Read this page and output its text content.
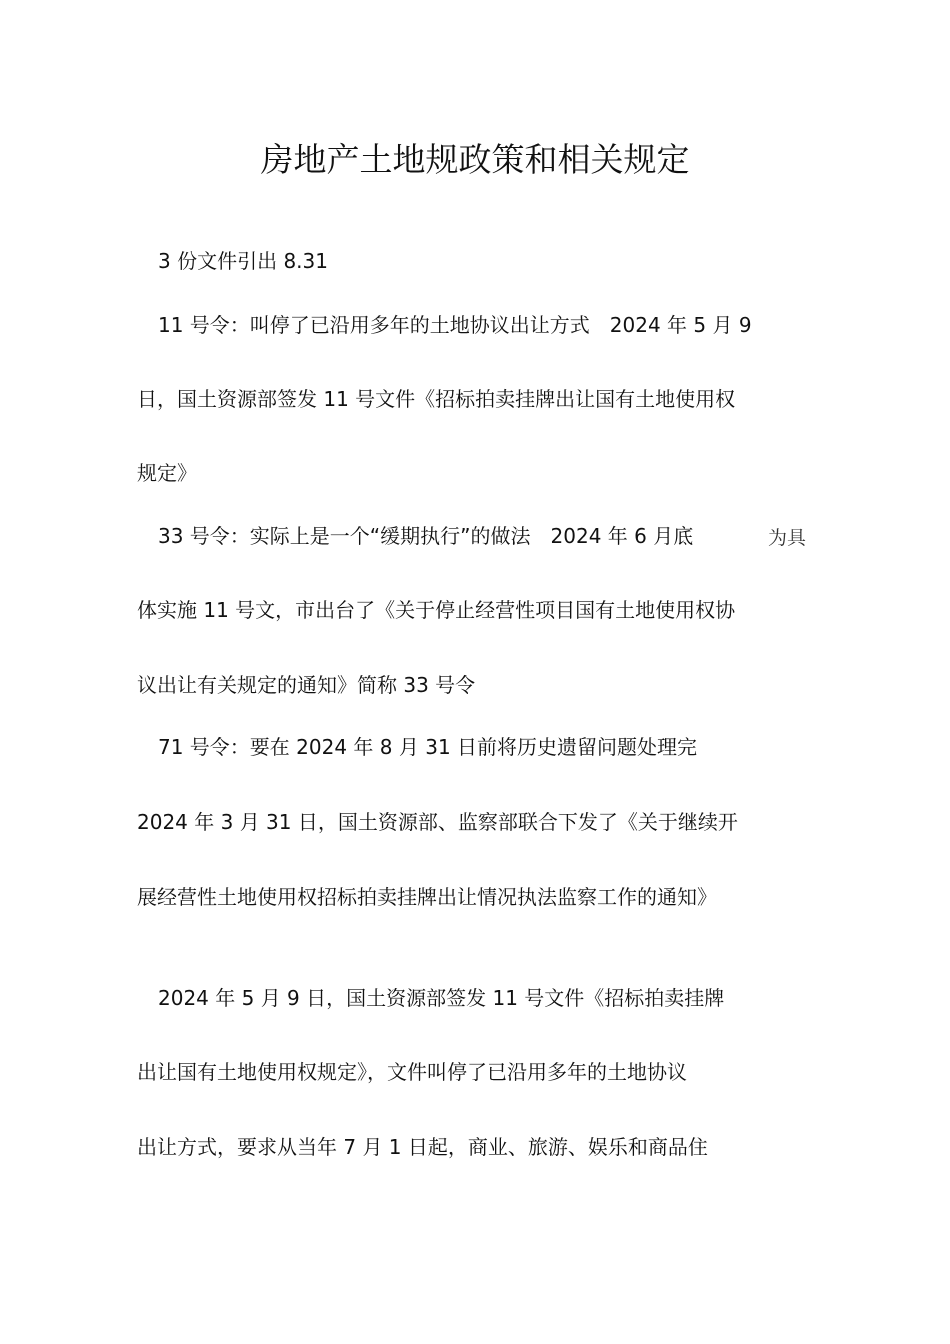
房地产土地规政策和相关规定

3 份文件引出 8.31

11 号令：叫停了已沿用多年的土地协议出让方式　2024 年 5 月 9

日，国土资源部签发 11 号文件《招标拍卖挂牌出让国有土地使用权

规定》

33 号令：实际上是一个“缓期执行”的做法　2024 年 6 月底	为具

体实施 11 号文，市出台了《关于停止经营性项目国有土地使用权协

议出让有关规定的通知》简称 33 号令

71 号令：要在 2024 年 8 月 31 日前将历史遗留问题处理完

2024 年 3 月 31 日，国土资源部、监察部联合下发了《关于继续开

展经营性土地使用权招标拍卖挂牌出让情况执法监察工作的通知》

2024 年 5 月 9 日，国土资源部签发 11 号文件《招标拍卖挂牌

出让国有土地使用权规定》，文件叫停了已沿用多年的土地协议

出让方式，要求从当年 7 月 1 日起，商业、旅游、娱乐和商品住
